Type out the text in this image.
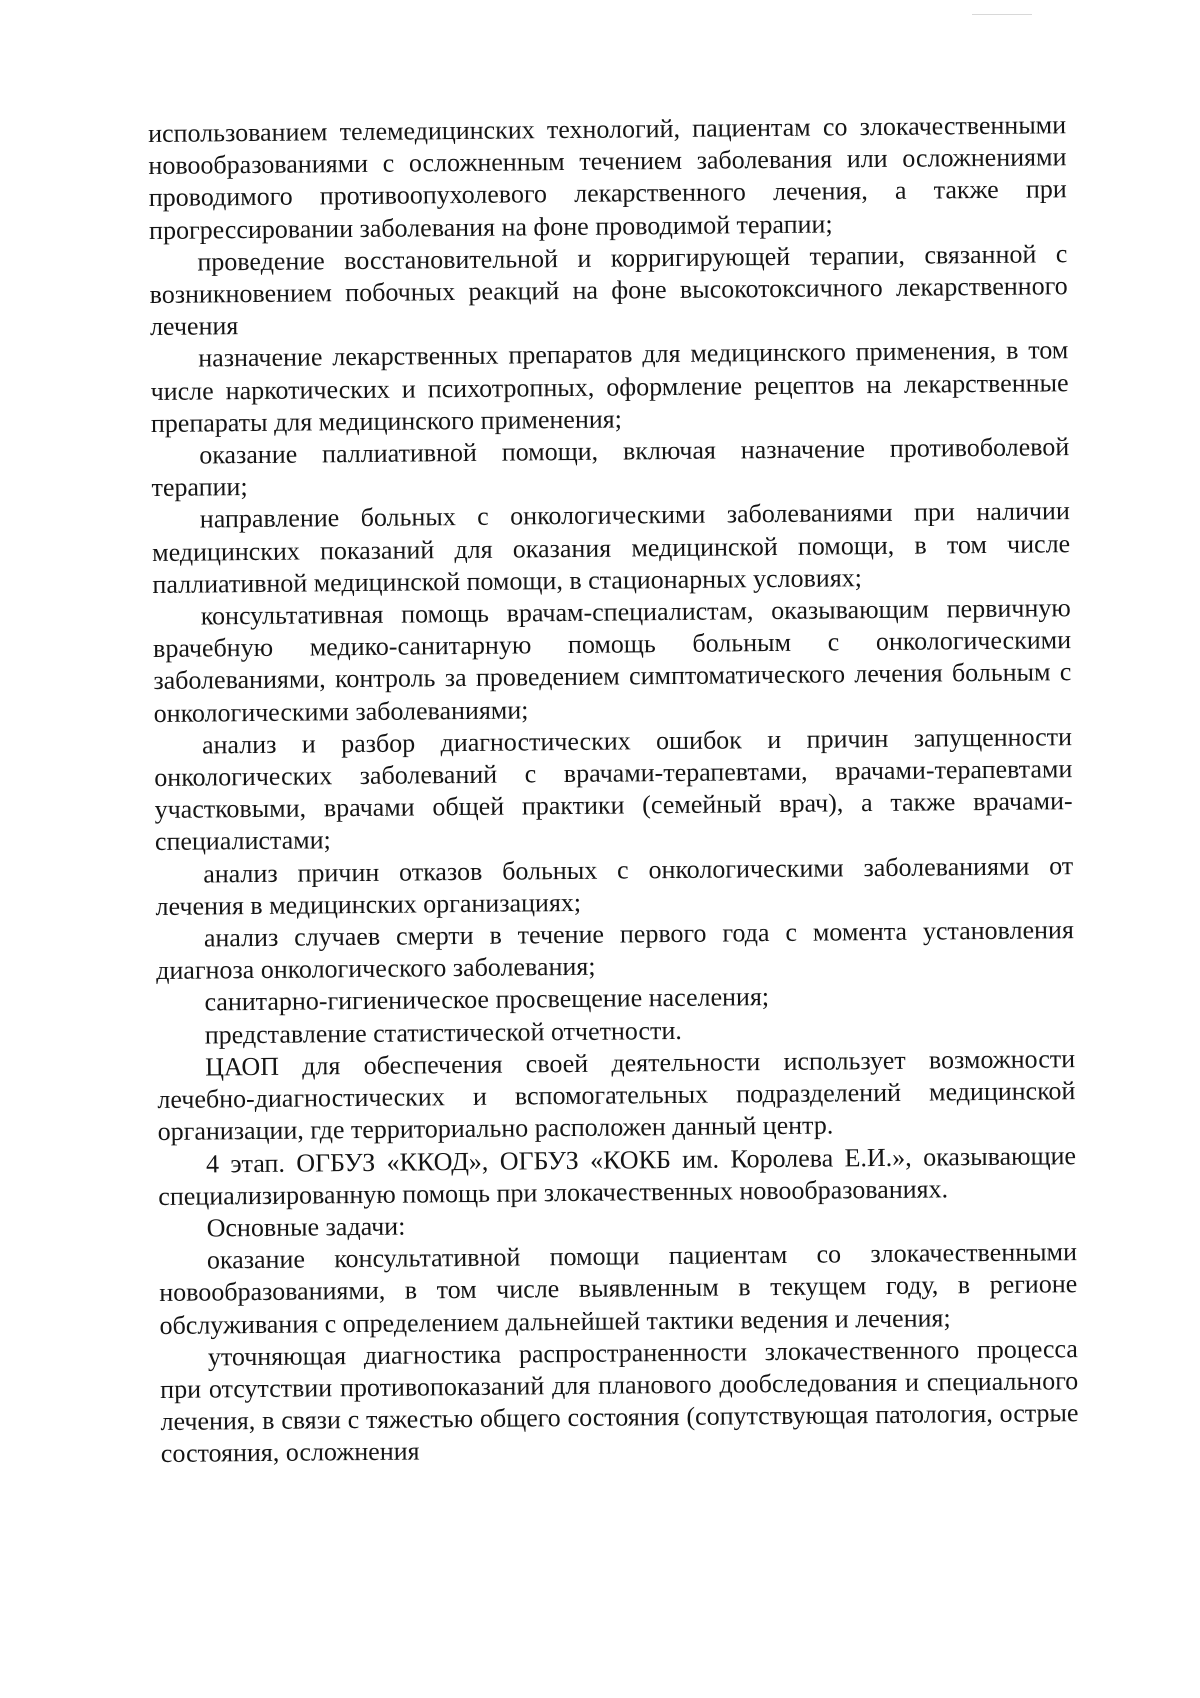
использованием телемедицинских технологий, пациентам со злокачественными новообразованиями с осложненным течением заболевания или осложнениями проводимого противоопухолевого лекарственного лечения, а также при прогрессировании заболевания на фоне проводимой терапии;

проведение восстановительной и корригирующей терапии, связанной с возникновением побочных реакций на фоне высокотоксичного лекарственного лечения

назначение лекарственных препаратов для медицинского применения, в том числе наркотических и психотропных, оформление рецептов на лекарственные препараты для медицинского применения;

оказание паллиативной помощи, включая назначение противоболевой терапии;

направление больных с онкологическими заболеваниями при наличии медицинских показаний для оказания медицинской помощи, в том числе паллиативной медицинской помощи, в стационарных условиях;

консультативная помощь врачам-специалистам, оказывающим первичную врачебную медико-санитарную помощь больным с онкологическими заболеваниями, контроль за проведением симптоматического лечения больным с онкологическими заболеваниями;

анализ и разбор диагностических ошибок и причин запущенности онкологических заболеваний с врачами-терапевтами, врачами-терапевтами участковыми, врачами общей практики (семейный врач), а также врачами-специалистами;

анализ причин отказов больных с онкологическими заболеваниями от лечения в медицинских организациях;

анализ случаев смерти в течение первого года с момента установления диагноза онкологического заболевания;

санитарно-гигиеническое просвещение населения;

представление статистической отчетности.

ЦАОП для обеспечения своей деятельности использует возможности лечебно-диагностических и вспомогательных подразделений медицинской организации, где территориально расположен данный центр.

4 этап. ОГБУЗ «ККОД», ОГБУЗ «КОКБ им. Королева Е.И.», оказывающие специализированную помощь при злокачественных новообразованиях.

Основные задачи:

оказание консультативной помощи пациентам со злокачественными новообразованиями, в том числе выявленным в текущем году, в регионе обслуживания с определением дальнейшей тактики ведения и лечения;

уточняющая диагностика распространенности злокачественного процесса при отсутствии противопоказаний для планового дообследования и специального лечения, в связи с тяжестью общего состояния (сопутствующая патология, острые состояния, осложнения
